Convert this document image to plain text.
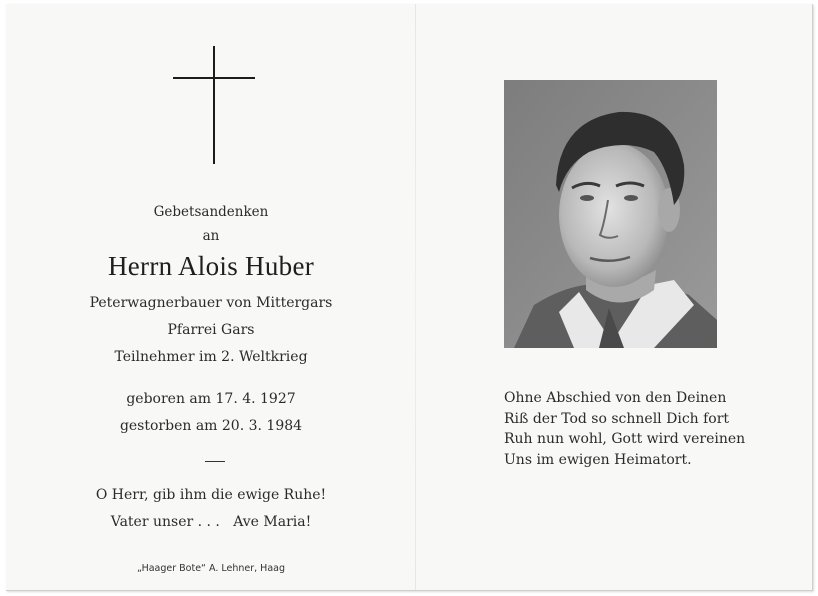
Gebetsandenken
an
Herrn Alois Huber
Peterwagnerbauer von Mittergars
Pfarrei Gars
Teilnehmer im 2. Weltkrieg
geboren am 17. 4. 1927
gestorben am 20. 3. 1984
O Herr, gib ihm die ewige Ruhe!
Vater unser . . .   Ave Maria!
„Haager Bote“ A. Lehner, Haag
Ohne Abschied von den Deinen
Riß der Tod so schnell Dich fort
Ruh nun wohl, Gott wird vereinen
Uns im ewigen Heimatort.
